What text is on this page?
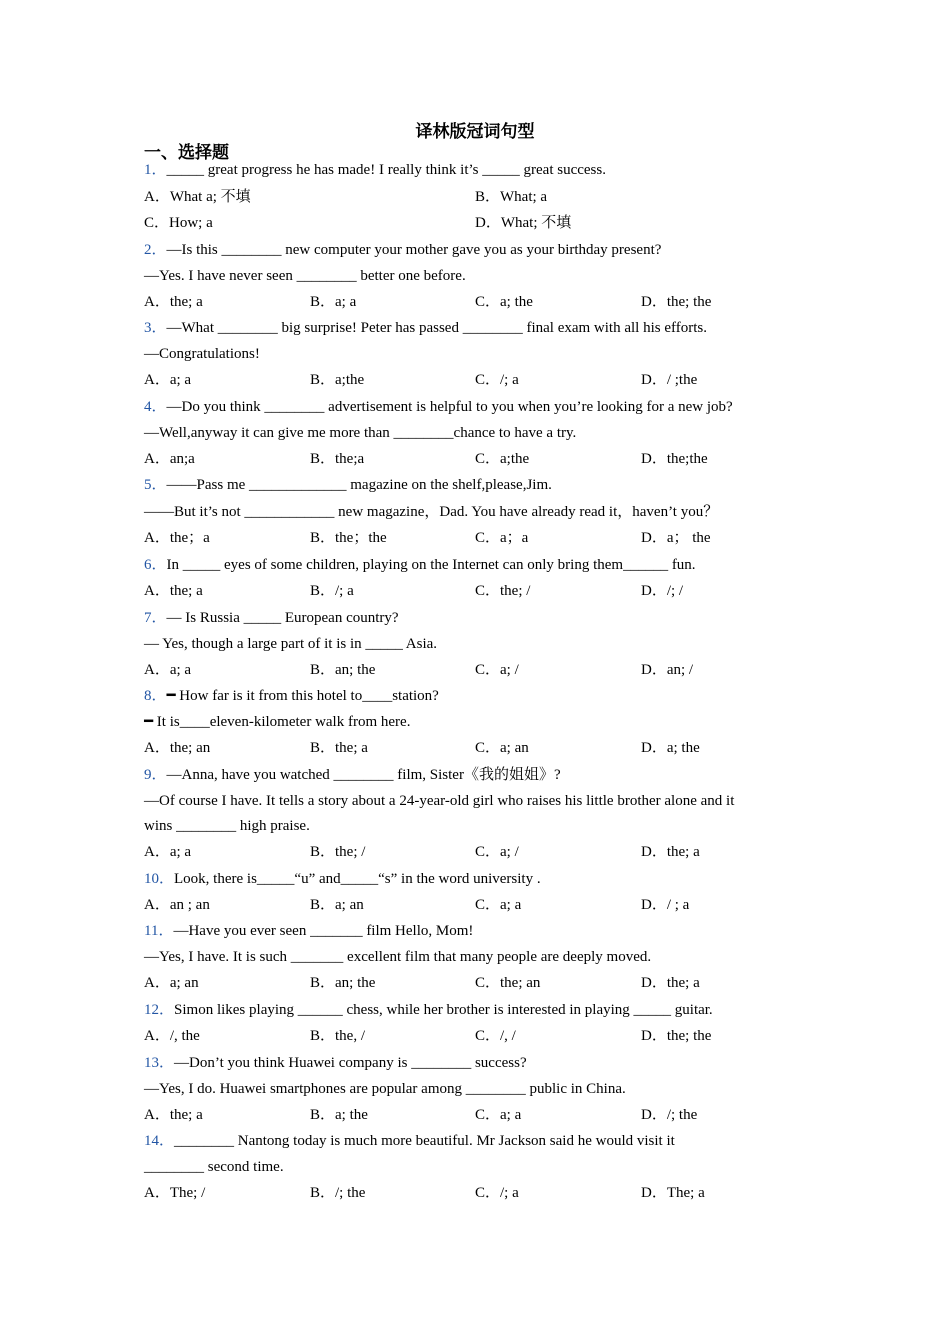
译林版冠词句型
一、选择题
1．_____ great progress he has made! I really think it’s _____ great success.
A．What a; 不填	B．What; a
C．How; a	D．What; 不填
2．—Is this ________ new computer your mother gave you as your birthday present?
—Yes. I have never seen ________ better one before.
A．the; a	B．a; a	C．a; the	D．the; the
3．—What ________ big surprise! Peter has passed ________ final exam with all his efforts.
—Congratulations!
A．a; a	B．a;the	C．/; a	D．/ ;the
4．—Do you think ________ advertisement is helpful to you when you’re looking for a new job?
—Well,anyway it can give me more than ________chance to have a try.
A．an;a	B．the;a	C．a;the	D．the;the
5．——Pass me _____________ magazine on the shelf,please,Jim.
——But it’s not ____________ new magazine，Dad. You have already read it，haven’t you？
A．the；a	B．the；the	C．a；a	D．a； the
6．In _____ eyes of some children, playing on the Internet can only bring them______ fun.
A．the; a	B．/; a	C．the; /	D．/; /
7．— Is Russia _____ European country?
— Yes, though a large part of it is in _____ Asia.
A．a; a	B．an; the	C．a; /	D．an; /
8．━ How far is it from this hotel to____station?
━ It is____eleven-kilometer walk from here.
A．the; an	B．the; a	C．a; an	D．a; the
9．—Anna, have you watched ________ film, Sister《我的姐姐》?
—Of course I have. It tells a story about a 24-year-old girl who raises his little brother alone and it
wins ________ high praise.
A．a; a	B．the; /	C．a; /	D．the; a
10．Look, there is_____“u” and_____“s” in the word university .
A．an ; an	B．a; an	C．a; a	D．/ ; a
11．—Have you ever seen _______ film Hello, Mom!
—Yes, I have. It is such _______ excellent film that many people are deeply moved.
A．a; an	B．an; the	C．the; an	D．the; a
12．Simon likes playing ______ chess, while her brother is interested in playing _____ guitar.
A．/, the	B．the, /	C．/, /	D．the; the
13．—Don’t you think Huawei company is ________ success?
—Yes, I do. Huawei smartphones are popular among ________ public in China.
A．the; a	B．a; the	C．a; a	D．/; the
14．________ Nantong today is much more beautiful. Mr Jackson said he would visit it
________ second time.
A．The; /	B．/; the	C．/; a	D．The; a
